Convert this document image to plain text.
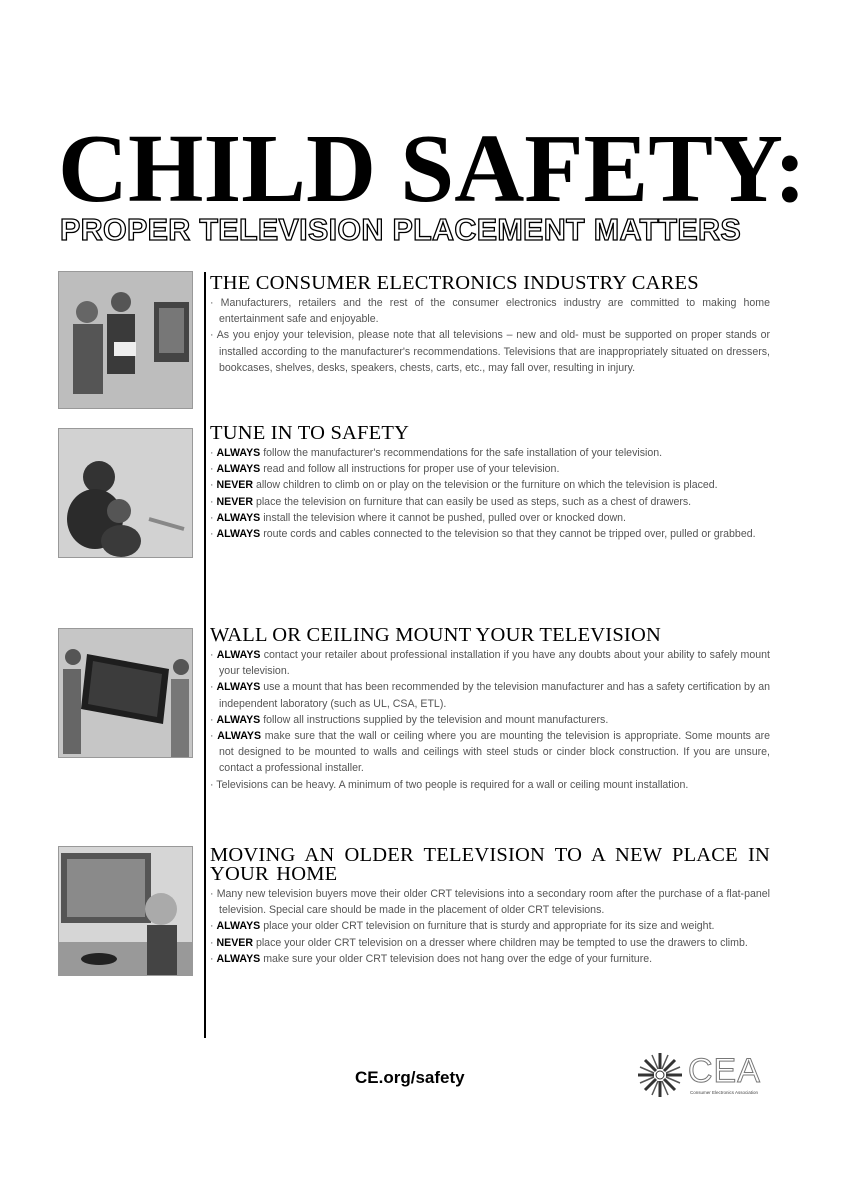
CHILD SAFETY:
PROPER TELEVISION PLACEMENT MATTERS
THE CONSUMER ELECTRONICS INDUSTRY CARES
· Manufacturers, retailers and the rest of the consumer electronics industry are committed to making home entertainment safe and enjoyable.
· As you enjoy your television, please note that all televisions – new and old- must be supported on proper stands or installed according to the manufacturer's recommendations. Televisions that are inappropriately situated on dressers, bookcases, shelves, desks, speakers, chests, carts, etc., may fall over, resulting in injury.
TUNE IN TO SAFETY
· ALWAYS follow the manufacturer's recommendations for the safe installation of your television.
· ALWAYS read and follow all instructions for proper use of your television.
· NEVER allow children to climb on or play on the television or the furniture on which the television is placed.
· NEVER place the television on furniture that can easily be used as steps, such as a chest of drawers.
· ALWAYS install the television where it cannot be pushed, pulled over or knocked down.
· ALWAYS route cords and cables connected to the television so that they cannot be tripped over, pulled or grabbed.
WALL OR CEILING MOUNT YOUR TELEVISION
· ALWAYS contact your retailer about professional installation if you have any doubts about your ability to safely mount your television.
· ALWAYS use a mount that has been recommended by the television manufacturer and has a safety certification by an independent laboratory (such as UL, CSA, ETL).
· ALWAYS follow all instructions supplied by the television and mount manufacturers.
· ALWAYS make sure that the wall or ceiling where you are mounting the television is appropriate. Some mounts are not designed to be mounted to walls and ceilings with steel studs or cinder block construction. If you are unsure, contact a professional installer.
· Televisions can be heavy. A minimum of two people is required for a wall or ceiling mount installation.
MOVING AN OLDER TELEVISION TO A NEW PLACE IN YOUR HOME
· Many new television buyers move their older CRT televisions into a secondary room after the purchase of a flat-panel television. Special care should be made in the placement of older CRT televisions.
· ALWAYS place your older CRT television on furniture that is sturdy and appropriate for its size and weight.
· NEVER place your older CRT television on a dresser where children may be tempted to use the drawers to climb.
· ALWAYS make sure your older CRT television does not hang over the edge of your furniture.

CE.org/safety	CEA
Consumer Electronics Association
